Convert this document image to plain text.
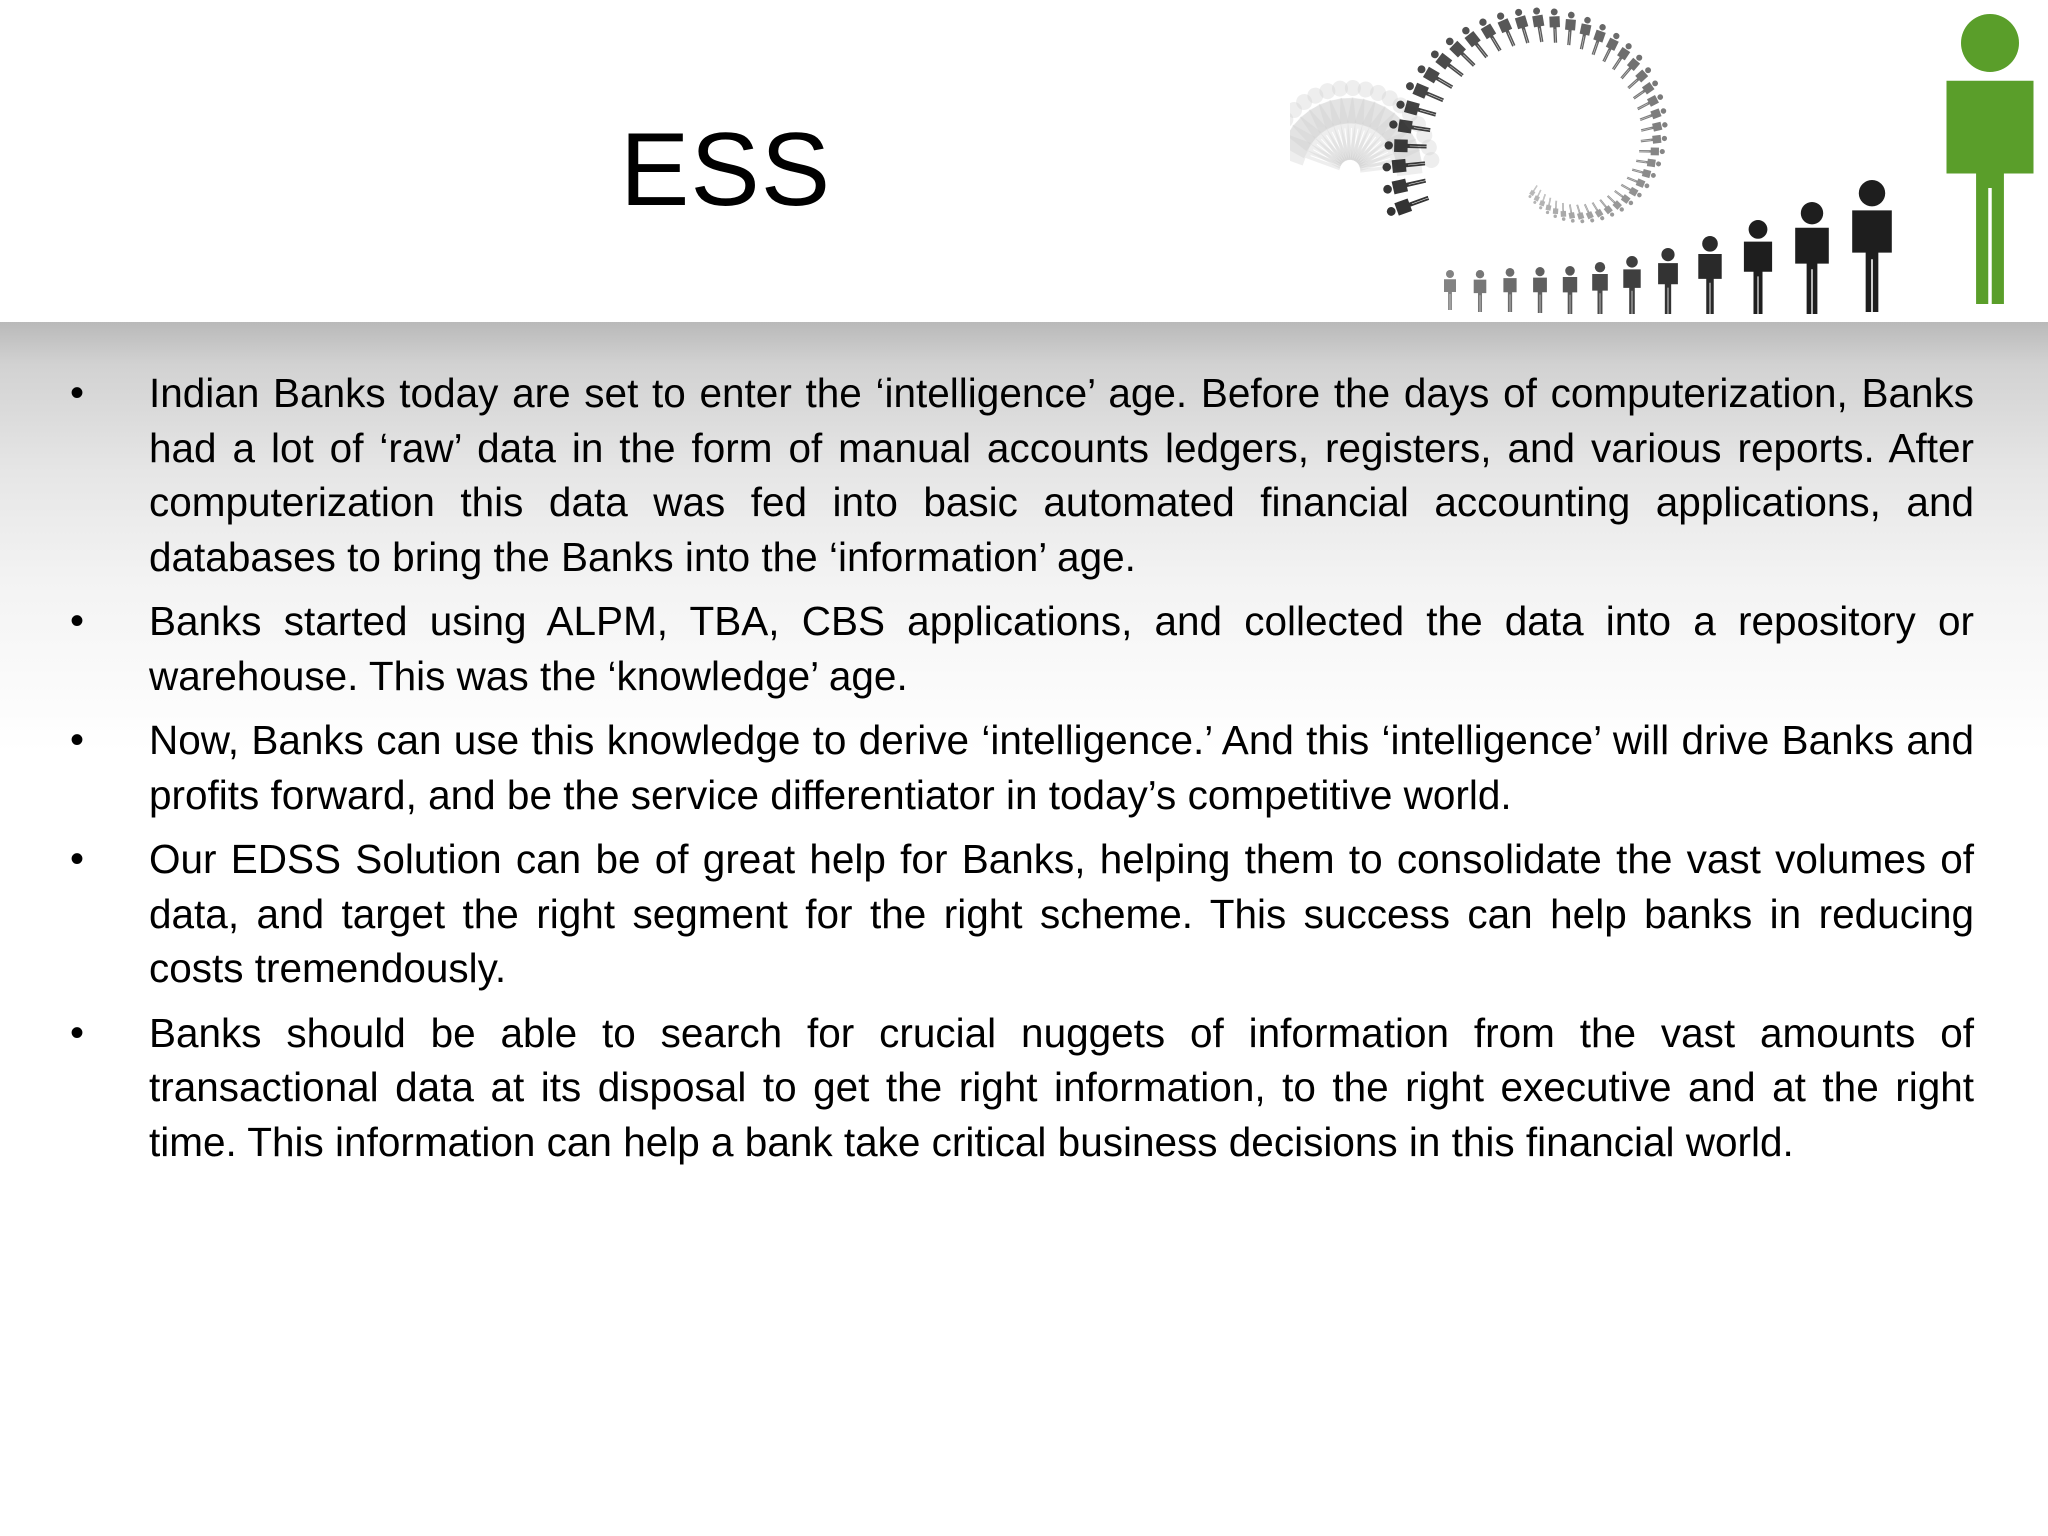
ESS
•	Indian Banks today are set to enter the ‘intelligence’ age. Before the days of computerization, Banks had a lot of ‘raw’ data in the form of manual accounts ledgers, registers, and various reports. After computerization this data was fed into basic automated financial accounting applications, and databases to bring the Banks into the ‘information’ age.
•	Banks started using ALPM, TBA, CBS applications, and collected the data into a repository or warehouse. This was the ‘knowledge’ age.
•	Now, Banks can use this knowledge to derive ‘intelligence.’ And this ‘intelligence’ will drive Banks and profits forward, and be the service differentiator in today’s competitive world.
•	Our EDSS Solution can be of great help for Banks, helping them to consolidate the vast volumes of data, and target the right segment for the right scheme. This success can help banks in reducing costs tremendously.
•	Banks should be able to search for crucial nuggets of information from the vast amounts of transactional data at its disposal to get the right information, to the right executive and at the right time. This information can help a bank take critical business decisions in this financial world.
